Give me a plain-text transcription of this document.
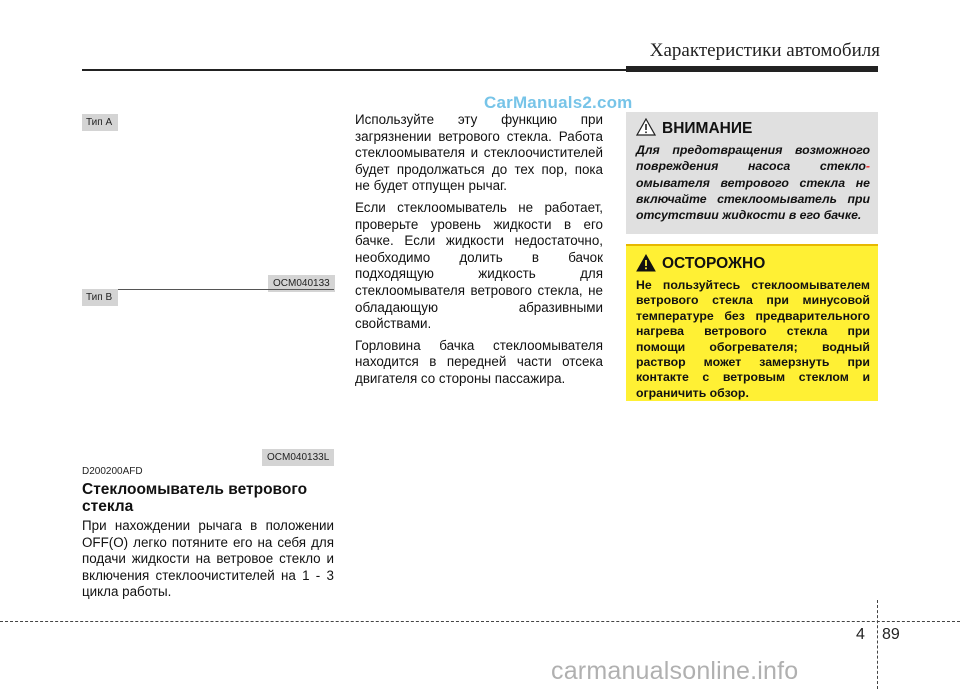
Характеристики автомобиля
CarManuals2.com
Тип A
OCM040133
Тип B
OCM040133L
D200200AFD
Стеклоомыватель ветрового стекла

При нахождении рычага в положении OFF(O) легко потяните его на себя для подачи жидкости на ветровое стекло и включения стеклоочистителей на 1 - 3 цикла работы.

Используйте эту функцию при загрязнении ветрового стекла. Работа стеклоомывателя и стеклоочистителей будет продолжаться до тех пор, пока не будет отпущен рычаг.

Если стеклоомыватель не работает, проверьте уровень жидкости в его бачке. Если жидкости недостаточно, необходимо долить в бачок подходящую жидкость для стеклоомывателя ветрового стекла, не обладающую абразивными свойствами.

Горловина бачка стеклоомывателя находится в передней части отсека двигателя со стороны пассажира.

ВНИМАНИЕ
Для предотвращения возможного повреждения насоса стекло- омывателя ветрового стекла не включайте стеклоомыватель при отсутствии жидкости в его бачке.
ОСТОРОЖНО
Не пользуйтесь стеклоомывателем ветрового стекла при минусовой температуре без предварительного нагрева ветрового стекла при помощи обогревателя; водный раствор может замерзнуть при контакте с ветровым стеклом и ограничить обзор.
4 89
carmanualsonline.info
